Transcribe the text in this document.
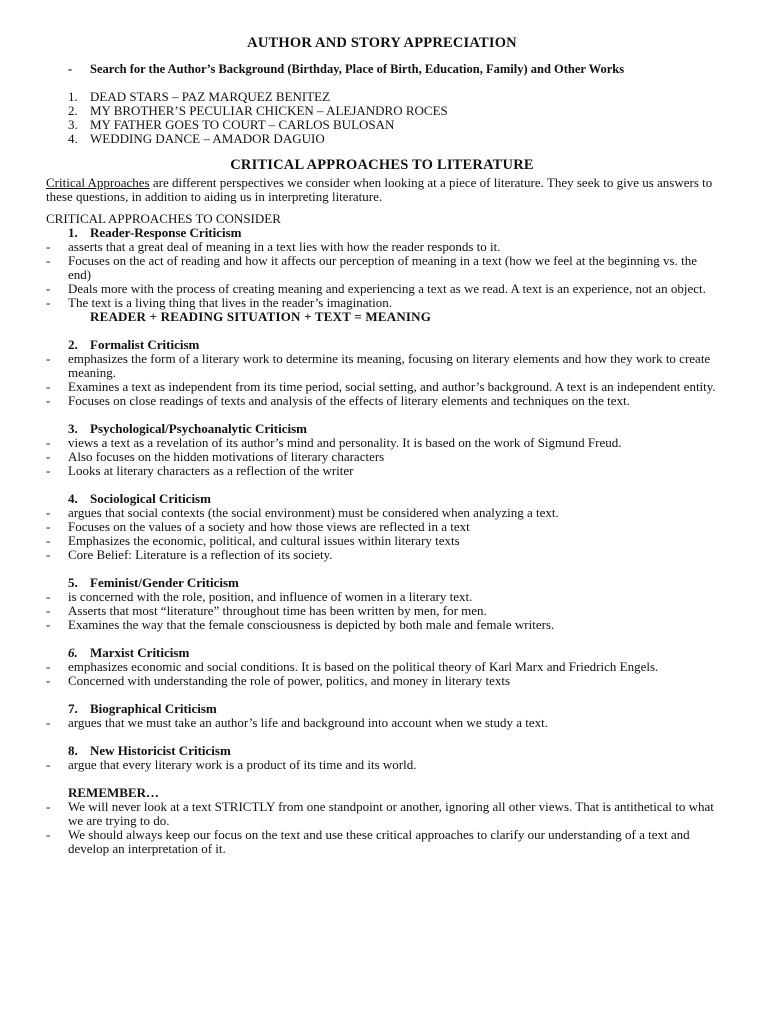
AUTHOR AND STORY APPRECIATION
-	Search for the Author’s Background (Birthday, Place of Birth, Education, Family) and Other Works
1. DEAD STARS – PAZ MARQUEZ BENITEZ
2. MY BROTHER’S PECULIAR CHICKEN – ALEJANDRO ROCES
3. MY FATHER GOES TO COURT – CARLOS BULOSAN
4. WEDDING DANCE – AMADOR DAGUIO
CRITICAL APPROACHES TO LITERATURE

Critical Approaches are different perspectives we consider when looking at a piece of literature. They seek to give us answers to these questions, in addition to aiding us in interpreting literature.

CRITICAL APPROACHES TO CONSIDER
1. Reader-Response Criticism
-	asserts that a great deal of meaning in a text lies with how the reader responds to it.
-	Focuses on the act of reading and how it affects our perception of meaning in a text (how we feel at the beginning vs. the end)
-	Deals more with the process of creating meaning and experiencing a text as we read. A text is an experience, not an object.
-	The text is a living thing that lives in the reader’s imagination.
READER + READING SITUATION + TEXT = MEANING
2. Formalist Criticism
-	emphasizes the form of a literary work to determine its meaning, focusing on literary elements and how they work to create meaning.
-	Examines a text as independent from its time period, social setting, and author’s background. A text is an independent entity.
-	Focuses on close readings of texts and analysis of the effects of literary elements and techniques on the text.
3. Psychological/Psychoanalytic Criticism
-	views a text as a revelation of its author’s mind and personality. It is based on the work of Sigmund Freud.
-	Also focuses on the hidden motivations of literary characters
-	Looks at literary characters as a reflection of the writer
4. Sociological Criticism
-	argues that social contexts (the social environment) must be considered when analyzing a text.
-	Focuses on the values of a society and how those views are reflected in a text
-	Emphasizes the economic, political, and cultural issues within literary texts
-	Core Belief: Literature is a reflection of its society.
5. Feminist/Gender Criticism
-	is concerned with the role, position, and influence of women in a literary text.
-	Asserts that most “literature” throughout time has been written by men, for men.
-	Examines the way that the female consciousness is depicted by both male and female writers.
6. Marxist Criticism
-	emphasizes economic and social conditions. It is based on the political theory of Karl Marx and Friedrich Engels.
-	Concerned with understanding the role of power, politics, and money in literary texts
7. Biographical Criticism
-	argues that we must take an author’s life and background into account when we study a text.
8. New Historicist Criticism
-	argue that every literary work is a product of its time and its world.
REMEMBER…
-	We will never look at a text STRICTLY from one standpoint or another, ignoring all other views. That is antithetical to what we are trying to do.
-	We should always keep our focus on the text and use these critical approaches to clarify our understanding of a text and develop an interpretation of it.
